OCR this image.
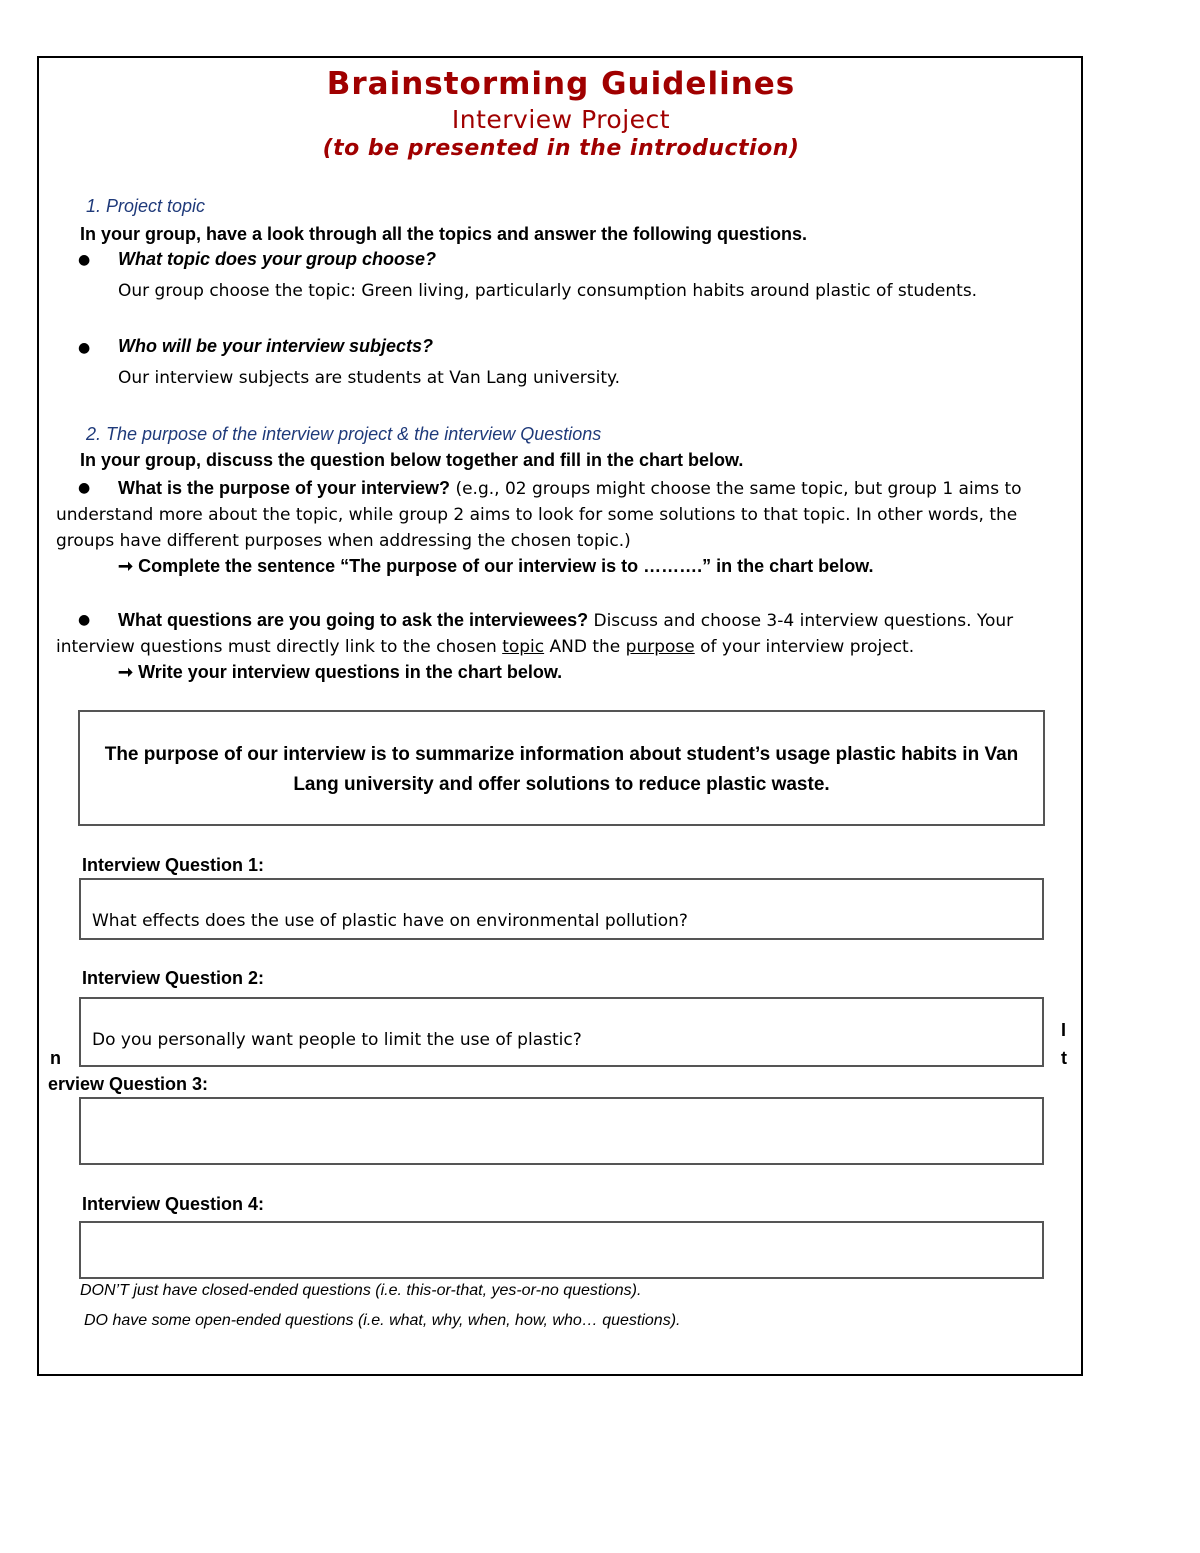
Brainstorming Guidelines
Interview Project
(to be presented in the introduction)
1. Project topic
In your group, have a look through all the topics and answer the following questions.
● What topic does your group choose?
Our group choose the topic: Green living, particularly consumption habits around plastic of students.
● Who will be your interview subjects?
Our interview subjects are students at Van Lang university.
2. The purpose of the interview project & the interview Questions
In your group, discuss the question below together and fill in the chart below.
● What is the purpose of your interview? (e.g., 02 groups might choose the same topic, but group 1 aims to
understand more about the topic, while group 2 aims to look for some solutions to that topic. In other words, the
groups have different purposes when addressing the chosen topic.)
➞ Complete the sentence “The purpose of our interview is to ……….” in the chart below.
● What questions are you going to ask the interviewees? Discuss and choose 3-4 interview questions. Your
interview questions must directly link to the chosen topic AND the purpose of your interview project.
➞ Write your interview questions in the chart below.
The purpose of our interview is to summarize information about student’s usage plastic habits in Van
Lang university and offer solutions to reduce plastic waste.
Interview Question 1:
What effects does the use of plastic have on environmental pollution?
Interview Question 2:
Do you personally want people to limit the use of plastic?
n
I
t
erview Question 3:
Interview Question 4:
DON’T just have closed-ended questions (i.e. this-or-that, yes-or-no questions).
DO have some open-ended questions (i.e. what, why, when, how, who… questions).
